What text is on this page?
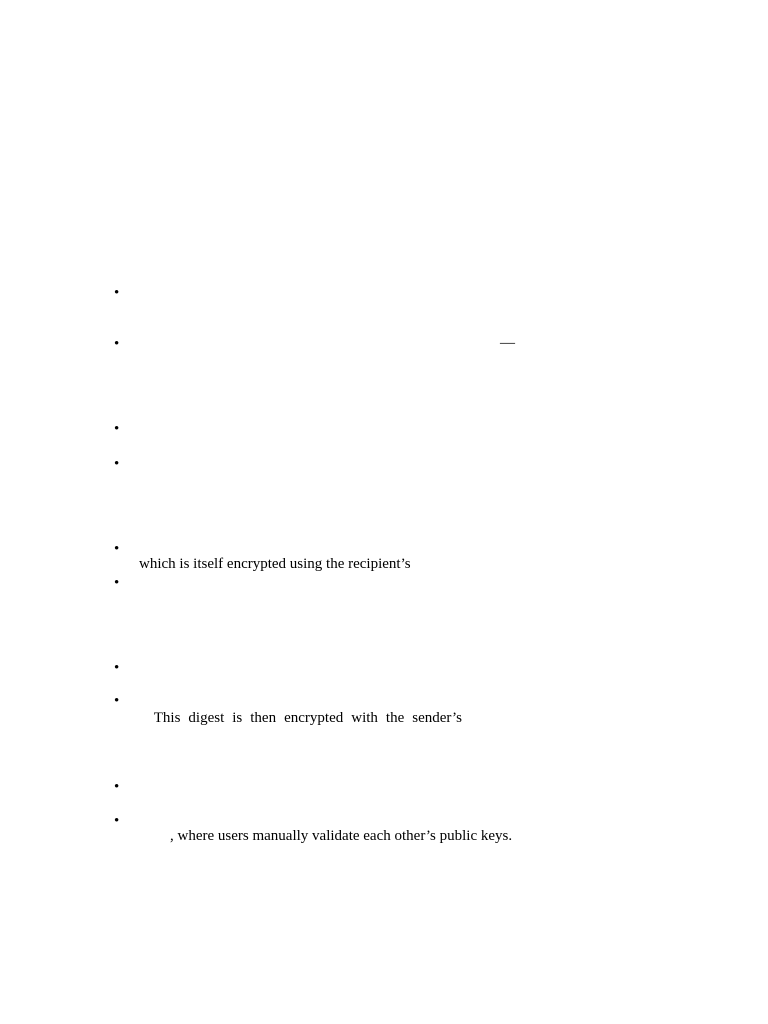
•
•	—
•
•
•
which is itself encrypted using the recipient’s
•
•
•

This digest is then encrypted with the sender’s

•
•
, where users manually validate each other’s public keys.
